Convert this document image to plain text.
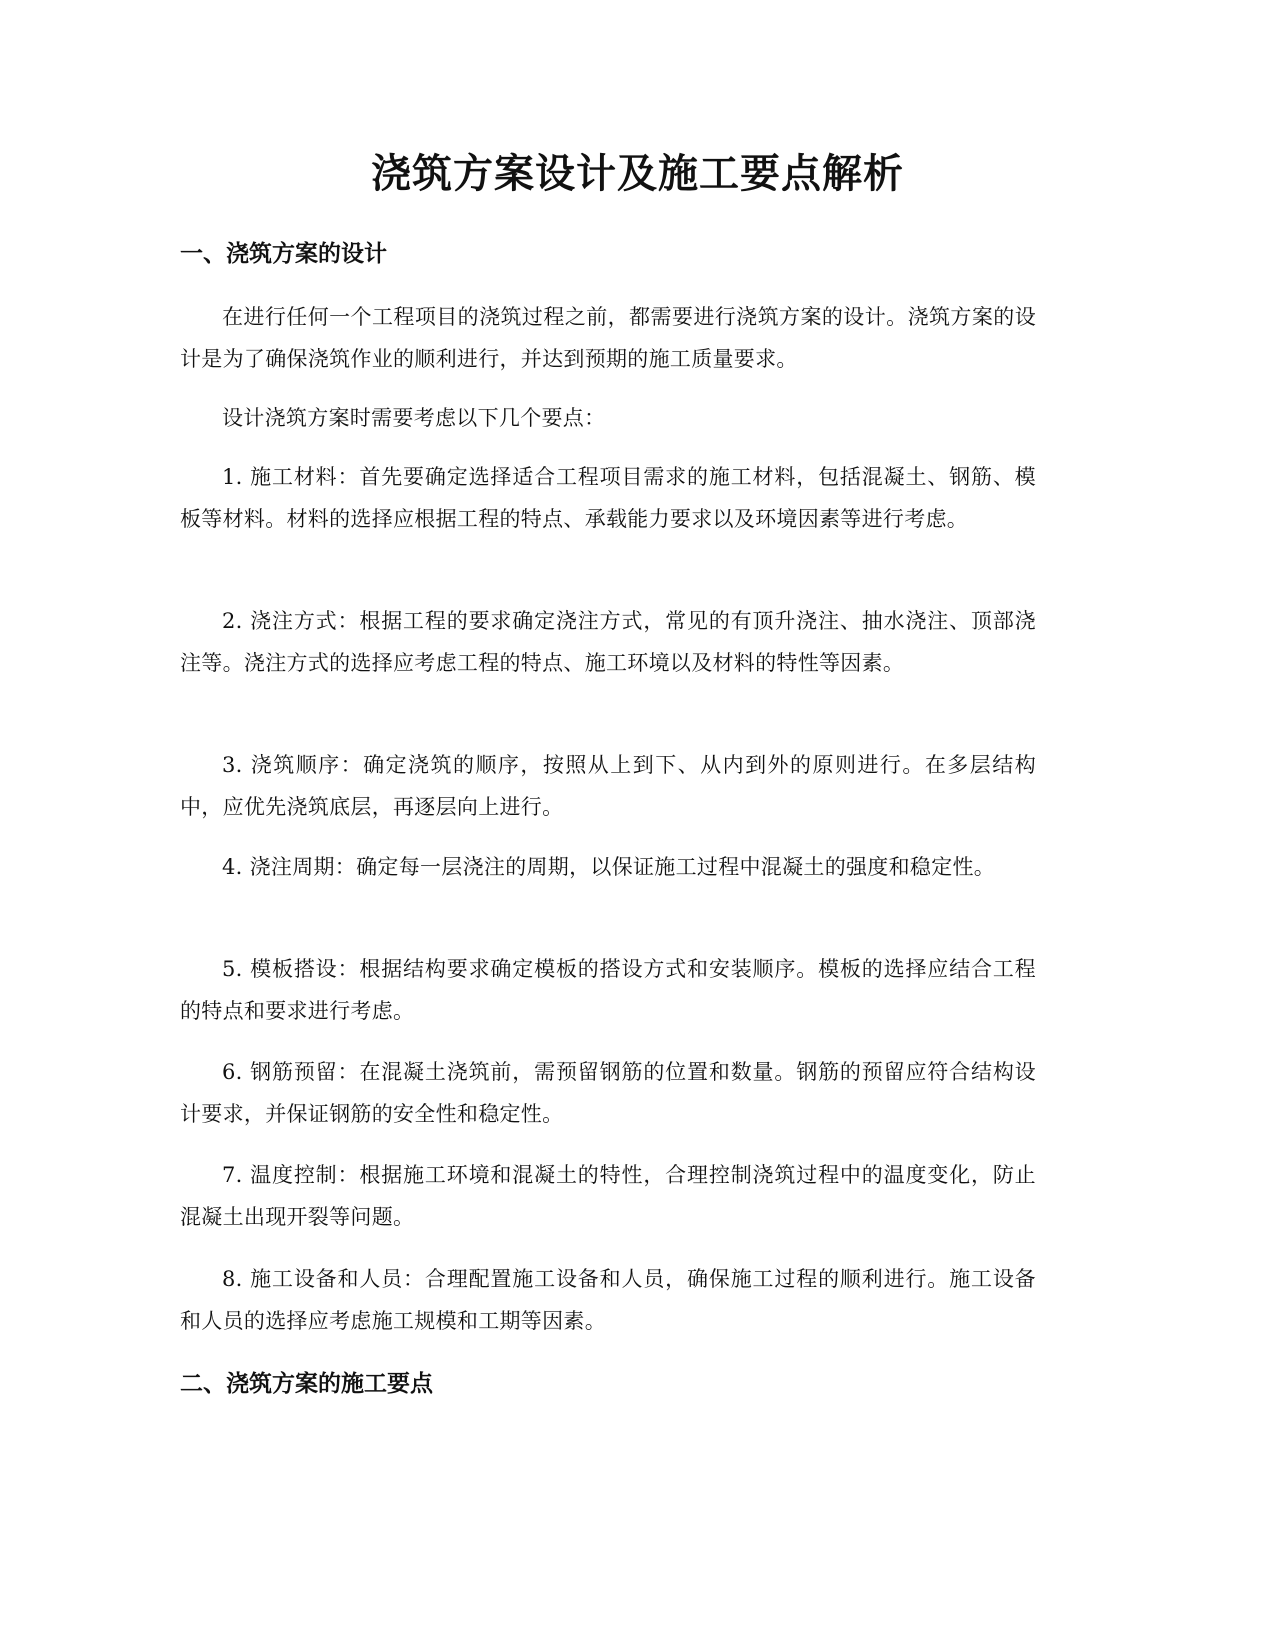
浇筑方案设计及施工要点解析
一、浇筑方案的设计

在进行任何一个工程项目的浇筑过程之前，都需要进行浇筑方案的设计。浇筑方案的设计是为了确保浇筑作业的顺利进行，并达到预期的施工质量要求。

设计浇筑方案时需要考虑以下几个要点：

1. 施工材料：首先要确定选择适合工程项目需求的施工材料，包括混凝土、钢筋、模板等材料。材料的选择应根据工程的特点、承载能力要求以及环境因素等进行考虑。

2. 浇注方式：根据工程的要求确定浇注方式，常见的有顶升浇注、抽水浇注、顶部浇注等。浇注方式的选择应考虑工程的特点、施工环境以及材料的特性等因素。

3. 浇筑顺序：确定浇筑的顺序，按照从上到下、从内到外的原则进行。在多层结构中，应优先浇筑底层，再逐层向上进行。

4. 浇注周期：确定每一层浇注的周期，以保证施工过程中混凝土的强度和稳定性。

5. 模板搭设：根据结构要求确定模板的搭设方式和安装顺序。模板的选择应结合工程的特点和要求进行考虑。

6. 钢筋预留：在混凝土浇筑前，需预留钢筋的位置和数量。钢筋的预留应符合结构设计要求，并保证钢筋的安全性和稳定性。

7. 温度控制：根据施工环境和混凝土的特性，合理控制浇筑过程中的温度变化，防止混凝土出现开裂等问题。

8. 施工设备和人员：合理配置施工设备和人员，确保施工过程的顺利进行。施工设备和人员的选择应考虑施工规模和工期等因素。

二、浇筑方案的施工要点
